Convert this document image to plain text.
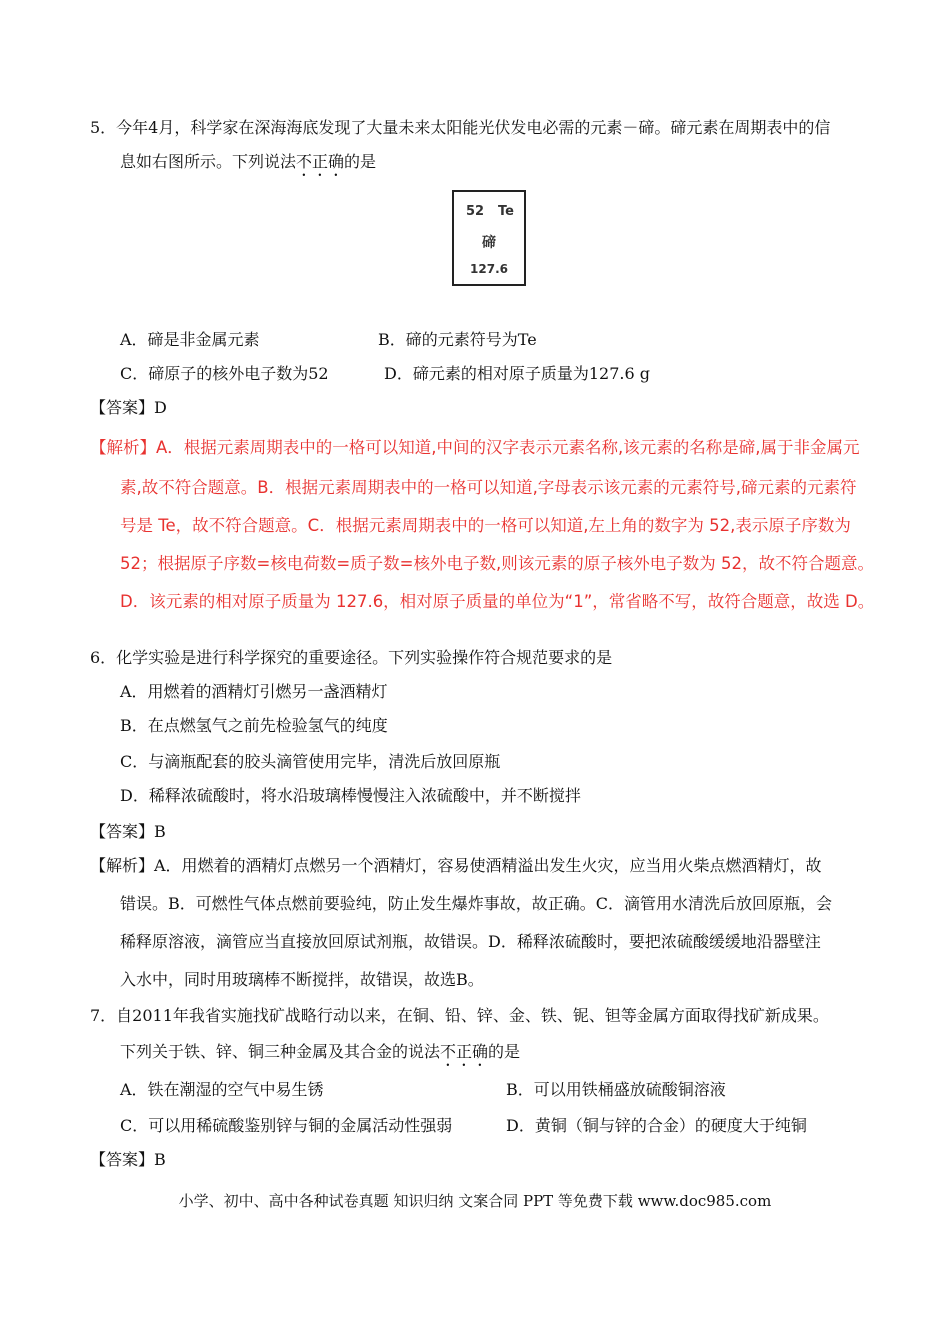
5．今年4月，科学家在深海海底发现了大量未来太阳能光伏发电必需的元素－碲。碲元素在周期表中的信
息如右图所示。下列说法不正确的是
52 Te
碲
127.6
A．碲是非金属元素	B．碲的元素符号为Te
C．碲原子的核外电子数为52	D．碲元素的相对原子质量为127.6 g
【答案】D
【解析】A．根据元素周期表中的一格可以知道,中间的汉字表示元素名称,该元素的名称是碲,属于非金属元
素,故不符合题意。B．根据元素周期表中的一格可以知道,字母表示该元素的元素符号,碲元素的元素符
号是 Te，故不符合题意。C．根据元素周期表中的一格可以知道,左上角的数字为 52,表示原子序数为
52；根据原子序数=核电荷数=质子数=核外电子数,则该元素的原子核外电子数为 52，故不符合题意。
D．该元素的相对原子质量为 127.6，相对原子质量的单位为“1”，常省略不写，故符合题意，故选 D。
6．化学实验是进行科学探究的重要途径。下列实验操作符合规范要求的是
A．用燃着的酒精灯引燃另一盏酒精灯
B．在点燃氢气之前先检验氢气的纯度
C．与滴瓶配套的胶头滴管使用完毕，清洗后放回原瓶
D．稀释浓硫酸时，将水沿玻璃棒慢慢注入浓硫酸中，并不断搅拌
【答案】B
【解析】A．用燃着的酒精灯点燃另一个酒精灯，容易使酒精溢出发生火灾，应当用火柴点燃酒精灯，故
错误。B．可燃性气体点燃前要验纯，防止发生爆炸事故，故正确。C．滴管用水清洗后放回原瓶，会
稀释原溶液，滴管应当直接放回原试剂瓶，故错误。D．稀释浓硫酸时，要把浓硫酸缓缓地沿器壁注
入水中，同时用玻璃棒不断搅拌，故错误，故选B。
7．自2011年我省实施找矿战略行动以来，在铜、铅、锌、金、铁、铌、钽等金属方面取得找矿新成果。
下列关于铁、锌、铜三种金属及其合金的说法不正确的是
A．铁在潮湿的空气中易生锈	B．可以用铁桶盛放硫酸铜溶液
C．可以用稀硫酸鉴别锌与铜的金属活动性强弱	D．黄铜（铜与锌的合金）的硬度大于纯铜
【答案】B
小学、初中、高中各种试卷真题 知识归纳 文案合同 PPT 等免费下载 www.doc985.com
